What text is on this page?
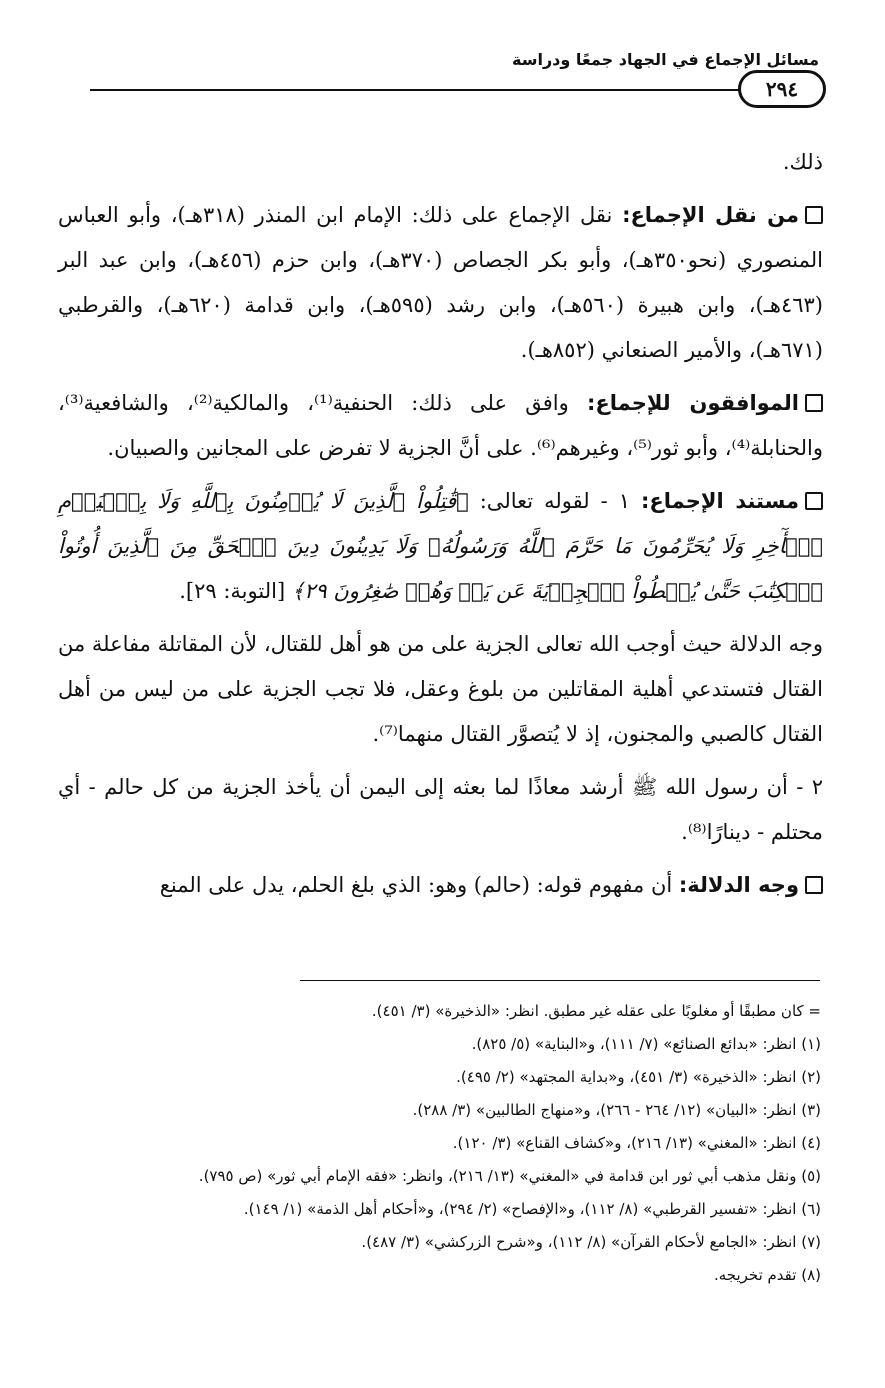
مسائل الإجماع في الجهاد جمعًا ودراسة
٢٩٤

ذلك.

من نقل الإجماع: نقل الإجماع على ذلك: الإمام ابن المنذر (٣١٨هـ)، وأبو العباس المنصوري (نحو٣٥٠هـ)، وأبو بكر الجصاص (٣٧٠هـ)، وابن حزم (٤٥٦هـ)، وابن عبد البر (٤٦٣هـ)، وابن هبيرة (٥٦٠هـ)، وابن رشد (٥٩٥هـ)، وابن قدامة (٦٢٠هـ)، والقرطبي (٦٧١هـ)، والأمير الصنعاني (٨٥٢هـ).

الموافقون للإجماع: وافق على ذلك: الحنفية⁽¹⁾، والمالكية⁽²⁾، والشافعية⁽³⁾، والحنابلة⁽⁴⁾، وأبو ثور⁽⁵⁾، وغيرهم⁽⁶⁾. على أنَّ الجزية لا تفرض على المجانين والصبيان.

مستند الإجماع: ١ - لقوله تعالى: ﴿قَٰتِلُواْ ٱلَّذِينَ لَا يُؤۡمِنُونَ بِٱللَّهِ وَلَا بِٱلۡيَوۡمِ ٱلۡأٓخِرِ وَلَا يُحَرِّمُونَ مَا حَرَّمَ ٱللَّهُ وَرَسُولُهُۥ وَلَا يَدِينُونَ دِينَ ٱلۡحَقِّ مِنَ ٱلَّذِينَ أُوتُواْ ٱلۡكِتَٰبَ حَتَّىٰ يُعۡطُواْ ٱلۡجِزۡيَةَ عَن يَدٖ وَهُمۡ صَٰغِرُونَ ٢٩﴾ [التوبة: ٢٩].

وجه الدلالة حيث أوجب الله تعالى الجزية على من هو أهل للقتال، لأن المقاتلة مفاعلة من القتال فتستدعي أهلية المقاتلين من بلوغ وعقل، فلا تجب الجزية على من ليس من أهل القتال كالصبي والمجنون، إذ لا يُتصوَّر القتال منهما⁽⁷⁾.

٢ - أن رسول الله ﷺ أرشد معاذًا لما بعثه إلى اليمن أن يأخذ الجزية من كل حالم - أي محتلم - دينارًا⁽⁸⁾.

وجه الدلالة: أن مفهوم قوله: (حالم) وهو: الذي بلغ الحلم، يدل على المنع

= كان مطبقًا أو مغلوبًا على عقله غير مطبق. انظر: «الذخيرة» (٣/ ٤٥١).

(١) انظر: «بدائع الصنائع» (٧/ ١١١)، و«البناية» (٥/ ٨٢٥).

(٢) انظر: «الذخيرة» (٣/ ٤٥١)، و«بداية المجتهد» (٢/ ٤٩٥).

(٣) انظر: «البيان» (١٢/ ٢٦٤ - ٢٦٦)، و«منهاج الطالبين» (٣/ ٢٨٨).

(٤) انظر: «المغني» (١٣/ ٢١٦)، و«كشاف القناع» (٣/ ١٢٠).

(٥) ونقل مذهب أبي ثور ابن قدامة في «المغني» (١٣/ ٢١٦)، وانظر: «فقه الإمام أبي ثور» (ص ٧٩٥).

(٦) انظر: «تفسير القرطبي» (٨/ ١١٢)، و«الإفصاح» (٢/ ٢٩٤)، و«أحكام أهل الذمة» (١/ ١٤٩).

(٧) انظر: «الجامع لأحكام القرآن» (٨/ ١١٢)، و«شرح الزركشي» (٣/ ٤٨٧).

(٨) تقدم تخريجه.
